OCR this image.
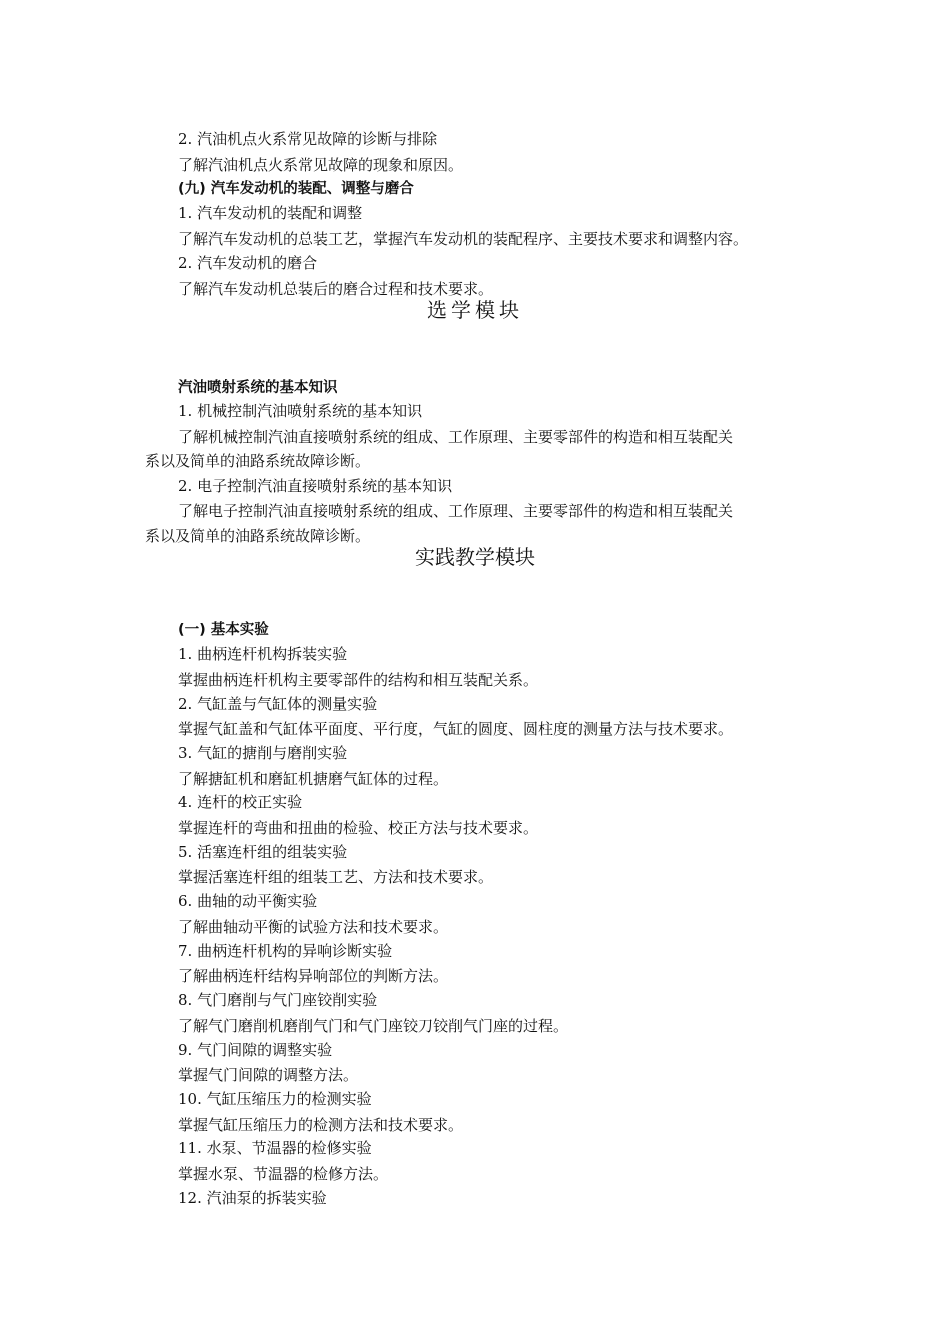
2. 汽油机点火系常见故障的诊断与排除
了解汽油机点火系常见故障的现象和原因。
(九) 汽车发动机的装配、调整与磨合
1. 汽车发动机的装配和调整
了解汽车发动机的总装工艺，掌握汽车发动机的装配程序、主要技术要求和调整内容。
2. 汽车发动机的磨合
了解汽车发动机总装后的磨合过程和技术要求。
选学模块
汽油喷射系统的基本知识
1. 机械控制汽油喷射系统的基本知识
了解机械控制汽油直接喷射系统的组成、工作原理、主要零部件的构造和相互装配关
系以及简单的油路系统故障诊断。
2. 电子控制汽油直接喷射系统的基本知识
了解电子控制汽油直接喷射系统的组成、工作原理、主要零部件的构造和相互装配关
系以及简单的油路系统故障诊断。
实践教学模块
(一) 基本实验
1. 曲柄连杆机构拆装实验
掌握曲柄连杆机构主要零部件的结构和相互装配关系。
2. 气缸盖与气缸体的测量实验
掌握气缸盖和气缸体平面度、平行度，气缸的圆度、圆柱度的测量方法与技术要求。
3. 气缸的搪削与磨削实验
了解搪缸机和磨缸机搪磨气缸体的过程。
4. 连杆的校正实验
掌握连杆的弯曲和扭曲的检验、校正方法与技术要求。
5. 活塞连杆组的组装实验
掌握活塞连杆组的组装工艺、方法和技术要求。
6. 曲轴的动平衡实验
了解曲轴动平衡的试验方法和技术要求。
7. 曲柄连杆机构的异响诊断实验
了解曲柄连杆结构异响部位的判断方法。
8. 气门磨削与气门座铰削实验
了解气门磨削机磨削气门和气门座铰刀铰削气门座的过程。
9. 气门间隙的调整实验
掌握气门间隙的调整方法。
10. 气缸压缩压力的检测实验
掌握气缸压缩压力的检测方法和技术要求。
11. 水泵、节温器的检修实验
掌握水泵、节温器的检修方法。
12. 汽油泵的拆装实验
